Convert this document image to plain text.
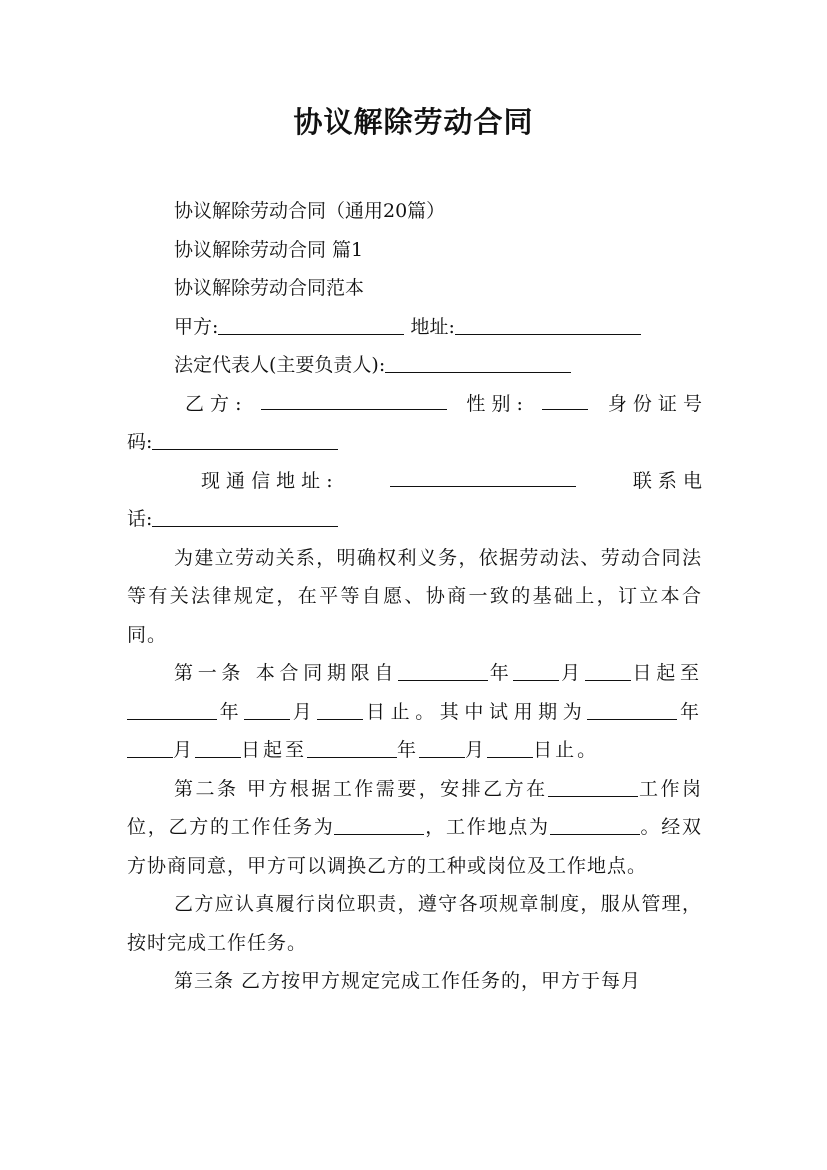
协议解除劳动合同
协议解除劳动合同（通用20篇）
协议解除劳动合同 篇1
协议解除劳动合同范本
甲方:	地址:
法定代表人(主要负责人):
乙 方 :	性 别 :	身 份 证 号
码:
现 通 信 地 址 :	联 系 电
话:
为建立劳动关系，明确权利义务，依据劳动法、劳动合同法等有关法律规定，在平等自愿、协商一致的基础上，订立本合同。
第一条 本合同期限自	年 月 日起至年 月 日止。其中试用期为	年月 日起至	年 月 日止。
第二条 甲方根据工作需要，安排乙方在	工作岗位，乙方的工作任务为	，工作地点为	。经双方协商同意，甲方可以调换乙方的工种或岗位及工作地点。
乙方应认真履行岗位职责，遵守各项规章制度，服从管理，按时完成工作任务。
第三条 乙方按甲方规定完成工作任务的，甲方于每月
